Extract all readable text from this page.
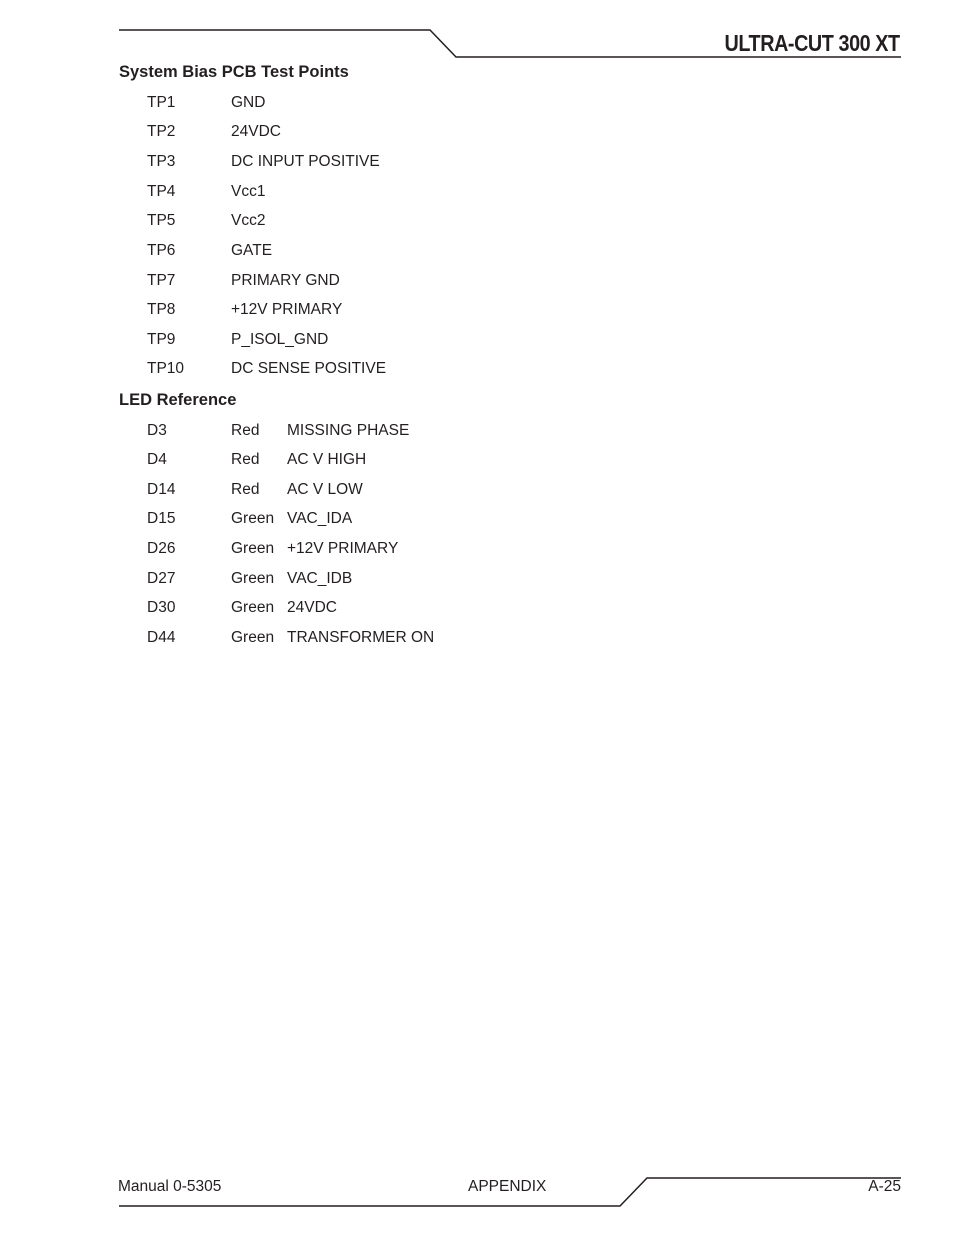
ULTRA-CUT 300 XT
System Bias PCB Test Points
TP1	GND
TP2	24VDC
TP3	DC INPUT POSITIVE
TP4	Vcc1
TP5	Vcc2
TP6	GATE
TP7	PRIMARY GND
TP8	+12V PRIMARY
TP9	P_ISOL_GND
TP10	DC SENSE POSITIVE
LED Reference
D3	Red MISSING PHASE
D4	Red AC V HIGH
D14	Red AC V LOW
D15	Green VAC_IDA
D26	Green +12V PRIMARY
D27	Green VAC_IDB
D30	Green 24VDC
D44	Green TRANSFORMER ON
Manual 0-5305	APPENDIX	A-25
